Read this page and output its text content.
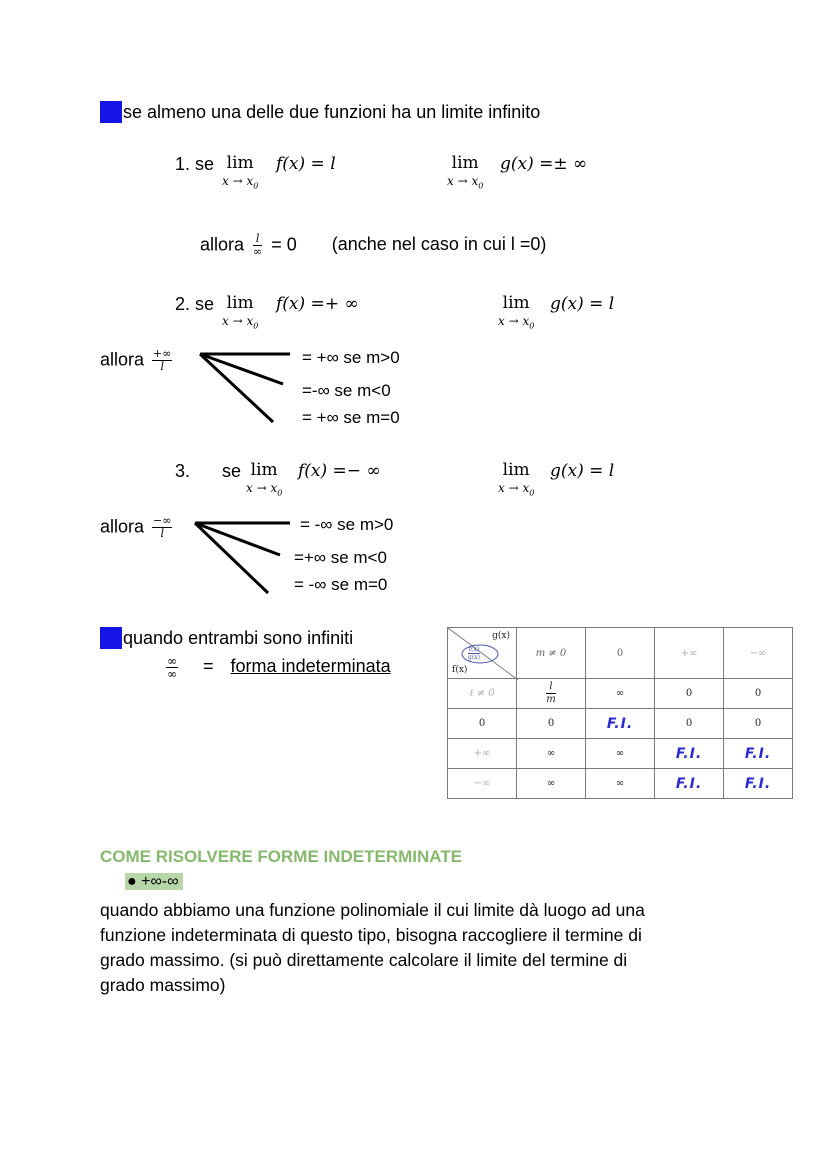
se almeno una delle due funzioni ha un limite infinito
1. se lim
$x \to x_0$
f(x) = l	lim
$x \to x_0$
g(x) =± ∞
allora $\frac{l}{\infty} = 0$ (anche nel caso in cui l =0)
2. se lim
$x \to x_0$
f(x) =+ ∞	lim
$x \to x_0$
g(x) = l
allora $\frac{+\infty}{l}$	= +∞ se m>0
=-∞ se m<0
= +∞ se m=0
3. se lim
$x \to x_0$
f(x) =− ∞	lim
$x \to x_0$
g(x) = l
allora $\frac{-\infty}{l}$	= -∞ se m>0
=+∞ se m<0
= -∞ se m=0
quando entrambi sono infiniti
$\frac{\infty}{\infty}$ = forma indeterminata
g(x)
f(x)
g(x)
f(x)	m ≠ 0	0	+∞	−∞
ℓ ≠ 0	$\frac{l}{m}$	∞	0	0
0	0	F.I.	0	0
+∞	∞	∞	F.I.	F.I.
−∞	∞	∞	F.I.	F.I.
COME RISOLVERE FORME INDETERMINATE
● +∞-∞
quando abbiamo una funzione polinomiale il cui limite dà luogo ad una
funzione indeterminata di questo tipo, bisogna raccogliere il termine di
grado massimo. (si può direttamente calcolare il limite del termine di
grado massimo)
